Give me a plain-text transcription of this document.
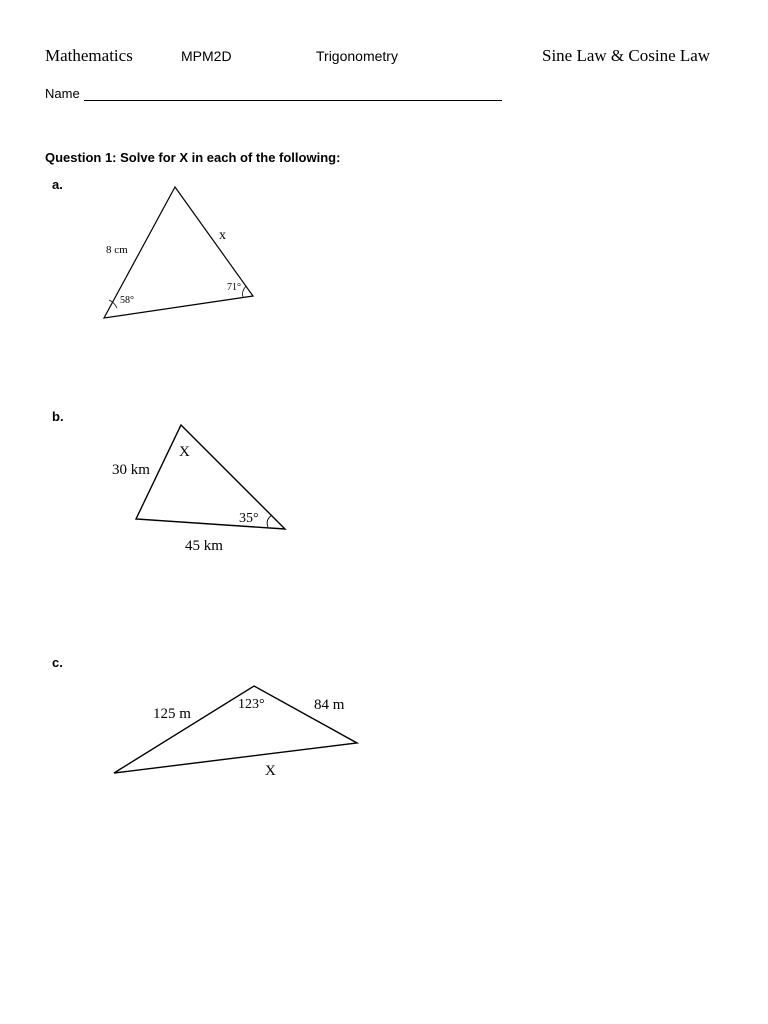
Mathematics	MPM2D	Trigonometry	Sine Law & Cosine Law
Name
Question 1: Solve for X in each of the following:
a.
b.
c.
8 cm
x
58°
71°
30 km
X
35°
45 km
125 m
123°	84 m
X
